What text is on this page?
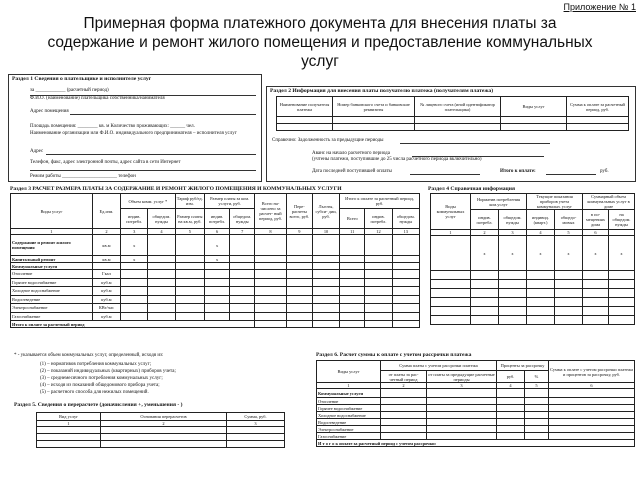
Приложение № 1
Примерная форма платежного документа для внесения платы за содержание и ремонт жилого помещения и предоставление коммунальных услуг
Раздел 1 Сведения о плательщике и исполнителе услуг
за ____________ (расчетный период)
Ф.И.О. (наименование) плательщика собственника/нанимателя
Адрес помещения
Площадь помещения: ________ кв. м Количество проживающих: ______ чел.
Наименование организации или Ф.И.О. индивидуального предпринимателя – исполнителя услуг
Адрес
Телефон, факс, адрес электронной почты, адрес сайта в сети Интернет
Режим работы ______________________ телефон
Раздел 2 Информация для внесения платы получателю платежа (получателям платежа)
Наименование получателя платежа	Номер банковского счета и банковские реквизиты	№ лицевого счета (иной идентификатор плательщика)	Виды услуг	Сумма к оплате за расчетный период, руб.

Справочно: Задолженность за предыдущие периоды
Аванс на начало расчетного периода
(учтены платежи, поступившие до 25 числа расчетного периода включительно)
Дата последней поступившей оплаты	Итого к оплате:	руб.
Раздел 3 РАСЧЕТ РАЗМЕРА ПЛАТЫ ЗА СОДЕРЖАНИЕ И РЕМОНТ ЖИЛОГО ПОМЕЩЕНИЯ И КОММУНАЛЬНЫХ УСЛУГИ
Виды услуг	Ед.изм.	Объем комм. услуг *		Тариф руб/ед. изм.	Размер платы за ком. услуги, руб.		Всего на- числено за расчет- ный период, руб.	Пере- расчеты всего, руб.	Льготы, субси- дии, руб.	Итого к оплате за расчетный период, руб.		
		индив. потребл.	общедом. нужды	Размер платы на кв.м, руб.	индив. потребл.	общедом. нужды				Всего	индив. потребл.	общедом. нужды
1	2	3	4	5	6	7	8	9	10	11	12	13
Содержание и ремонт жилого помещения	кв.м	х			х							
Капитальный ремонт	кв.м	х			х							
Коммунальные услуги												
Отопление	Гкал											
Горячее водоснабжение	куб.м											
Холодное водоснабжение	куб.м											
Водоотведение	куб.м											
Электроснабжение	КВт/час											
Газоснабжение	куб.м											
Итого к оплате за расчетный период												
Раздел 4 Справочная информация
Виды коммунальных услуг	Норматив потребления ком.услуг		Текущие показания приборов учета коммунальн. услуг		Суммарный объем коммунальных услуг в доме	
	индив. потребл.	общедом. нужды	индивид. (кварт.)	общедо- мовых	в по- мещениях дома	на общедом. нужды
1	2	3	4	5	6	
	х	х	х	х	х	х

* - указывается объем коммунальных услуг, определенный, исходя из:
(1) – нормативов потребления коммунальных услуг;
(2) – показаний индивидуальных (квартирных) приборов учета;
(3) – среднемесячного потребления коммунальных услуг;
(4) – исходя из показаний общедомового прибора учета;
(5) – расчетного способа для нежилых помещений.
Раздел 5. Сведения о перерасчете (доначисления +, уменьшения - )
Вид услуг	Основания перерасчетов	Сумма, руб.
1	2	3

Раздел 6. Расчет суммы к оплате с учетом рассрочки платежа
Виды услуг	Сумма платы с учетом рассрочки платежа		Проценты за рассрочку		Сумма к оплате с учетом рассрочки платежа и процентов за рассрочку, руб.
	от платы за рас- четный период	от платы за предыдущие расчетные периоды	руб.	%	
1	2	3	4	5	6
Коммунальные услуги					
Отопление					
Горячее водоснабжение					
Холодное водоснабжение					
Водоотведение					
Электроснабжение					
Газоснабжение					
И т о г о к оплате за расчетный период с учетом рассрочки:					
